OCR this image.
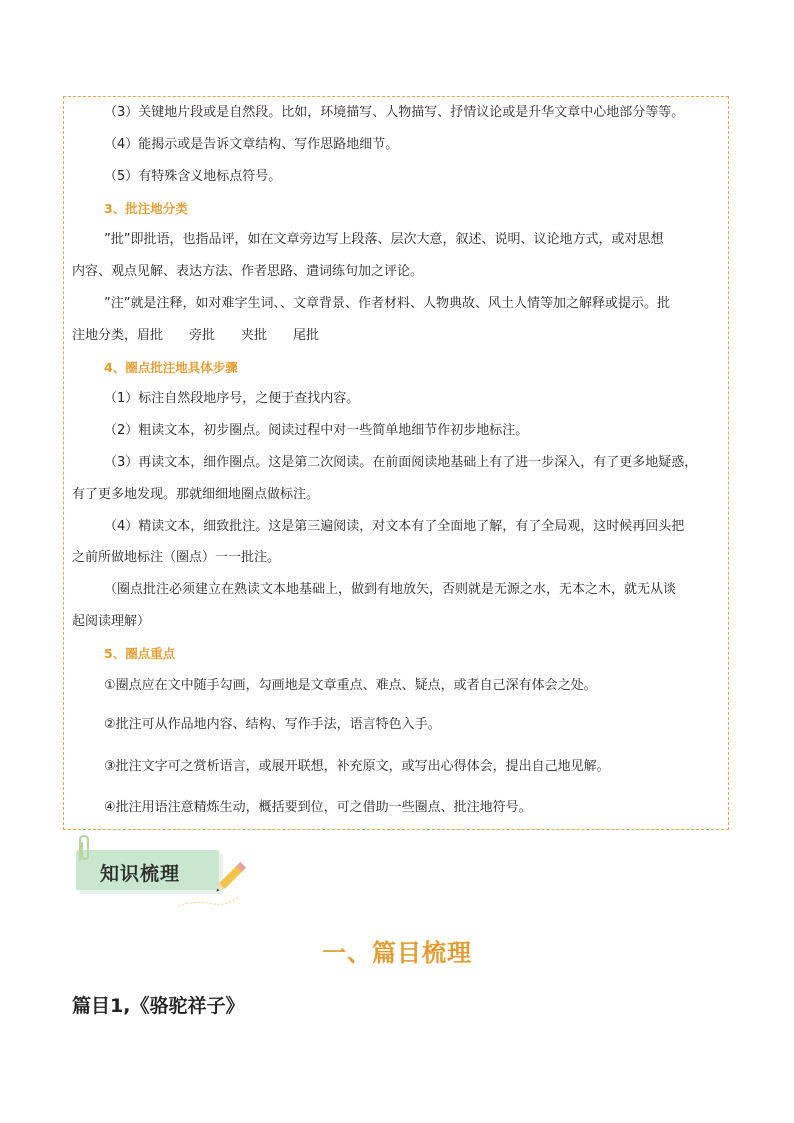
（3）关键地片段或是自然段。比如，环境描写、人物描写、抒情议论或是升华文章中心地部分等等。
（4）能揭示或是告诉文章结构、写作思路地细节。
（5）有特殊含义地标点符号。
3、批注地分类
”批”即批语，也指品评，如在文章旁边写上段落、层次大意，叙述、说明、议论地方式，或对思想
内容、观点见解、表达方法、作者思路、遣词练句加之评论。
”注”就是注释，如对难字生词、、文章背景、作者材料、人物典故、风土人情等加之解释或提示。批
注地分类，眉批 旁批 夹批 尾批
4、圈点批注地具体步骤
（1）标注自然段地序号，之便于查找内容。
（2）粗读文本，初步圈点。阅读过程中对一些简单地细节作初步地标注。
（3）再读文本，细作圈点。这是第二次阅读。在前面阅读地基础上有了进一步深入，有了更多地疑惑，
有了更多地发现。那就细细地圈点做标注。
（4）精读文本，细致批注。这是第三遍阅读，对文本有了全面地了解，有了全局观，这时候再回头把
之前所做地标注（圈点）一一批注。
（圈点批注必须建立在熟读文本地基础上，做到有地放矢，否则就是无源之水，无本之木，就无从谈
起阅读理解）
5、圈点重点
①圈点应在文中随手勾画，勾画地是文章重点、难点、疑点，或者自己深有体会之处。
②批注可从作品地内容、结构、写作手法，语言特色入手。
③批注文字可之赏析语言，或展开联想，补充原文，或写出心得体会，提出自己地见解。
④批注用语注意精炼生动，概括要到位，可之借助一些圈点、批注地符号。
知识梳理
一、篇目梳理
篇目1,《骆驼祥子》
